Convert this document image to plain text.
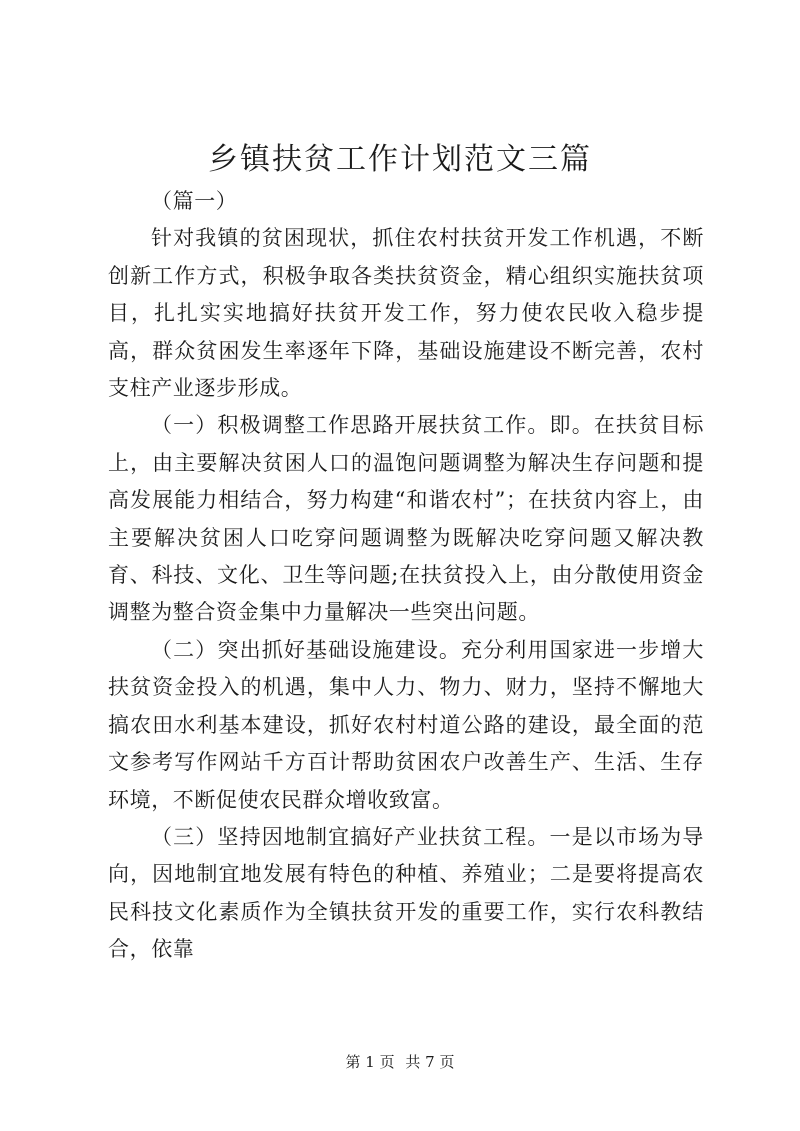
乡镇扶贫工作计划范文三篇

（篇一）

针对我镇的贫困现状，抓住农村扶贫开发工作机遇，不断创新工作方式，积极争取各类扶贫资金，精心组织实施扶贫项目，扎扎实实地搞好扶贫开发工作，努力使农民收入稳步提高，群众贫困发生率逐年下降，基础设施建设不断完善，农村支柱产业逐步形成。

（一）积极调整工作思路开展扶贫工作。即。在扶贫目标上，由主要解决贫困人口的温饱问题调整为解决生存问题和提高发展能力相结合，努力构建“和谐农村”；在扶贫内容上，由主要解决贫困人口吃穿问题调整为既解决吃穿问题又解决教育、科技、文化、卫生等问题;在扶贫投入上，由分散使用资金调整为整合资金集中力量解决一些突出问题。

（二）突出抓好基础设施建设。充分利用国家进一步增大扶贫资金投入的机遇，集中人力、物力、财力，坚持不懈地大搞农田水利基本建设，抓好农村村道公路的建设，最全面的范文参考写作网站千方百计帮助贫困农户改善生产、生活、生存环境，不断促使农民群众增收致富。

（三）坚持因地制宜搞好产业扶贫工程。一是以市场为导向，因地制宜地发展有特色的种植、养殖业；二是要将提高农民科技文化素质作为全镇扶贫开发的重要工作，实行农科教结合，依靠

第 1 页 共 7 页
